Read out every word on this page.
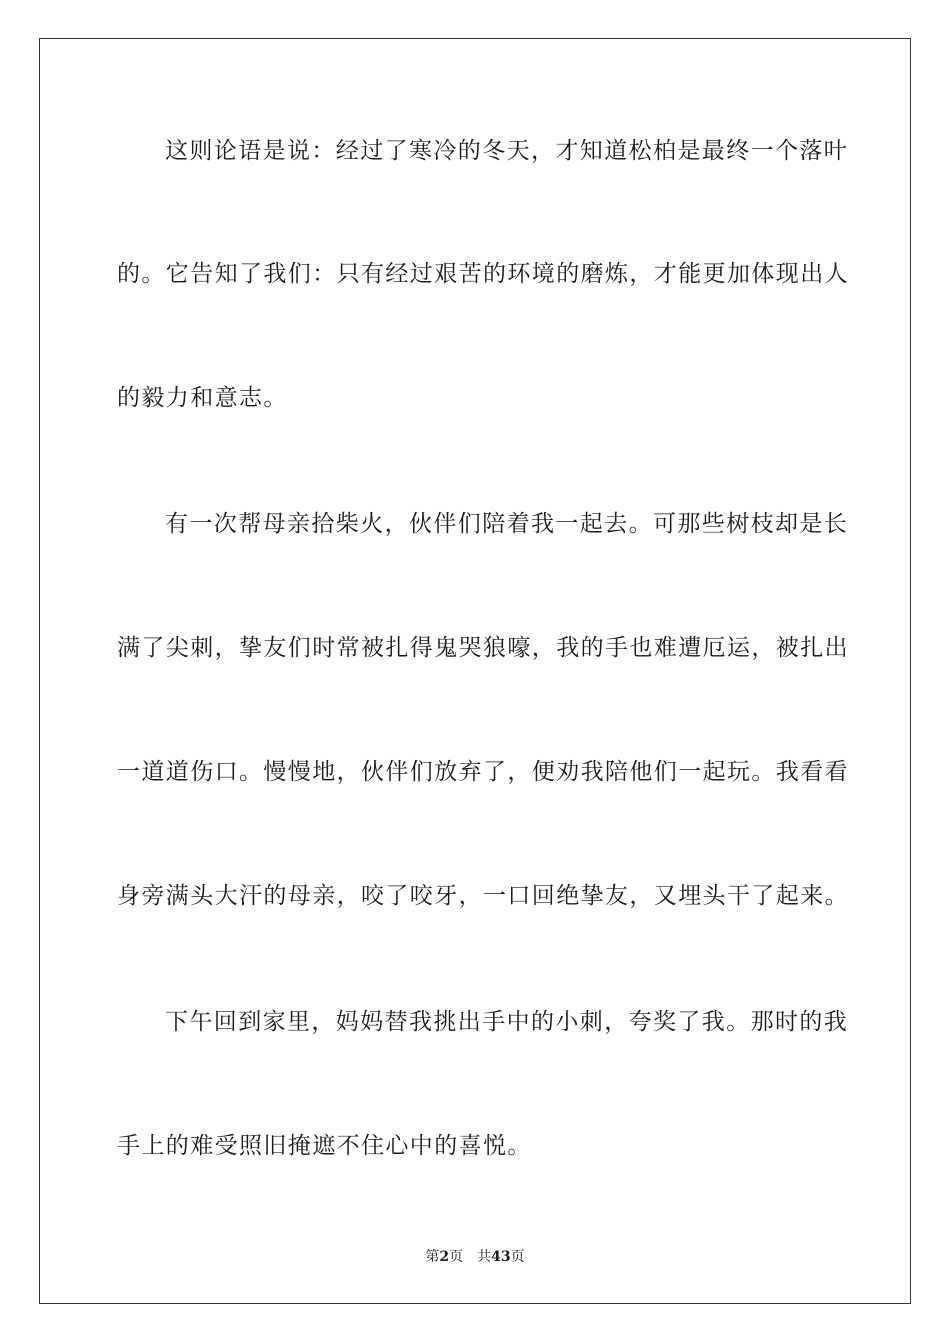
这则论语是说：经过了寒冷的冬天，才知道松柏是最终一个落叶
的。它告知了我们：只有经过艰苦的环境的磨炼，才能更加体现出人
的毅力和意志。
有一次帮母亲拾柴火，伙伴们陪着我一起去。可那些树枝却是长
满了尖刺，挚友们时常被扎得鬼哭狼嚎，我的手也难遭厄运，被扎出
一道道伤口。慢慢地，伙伴们放弃了，便劝我陪他们一起玩。我看看
身旁满头大汗的母亲，咬了咬牙，一口回绝挚友，又埋头干了起来。
下午回到家里，妈妈替我挑出手中的小刺，夸奖了我。那时的我
手上的难受照旧掩遮不住心中的喜悦。
第2页 共43页
